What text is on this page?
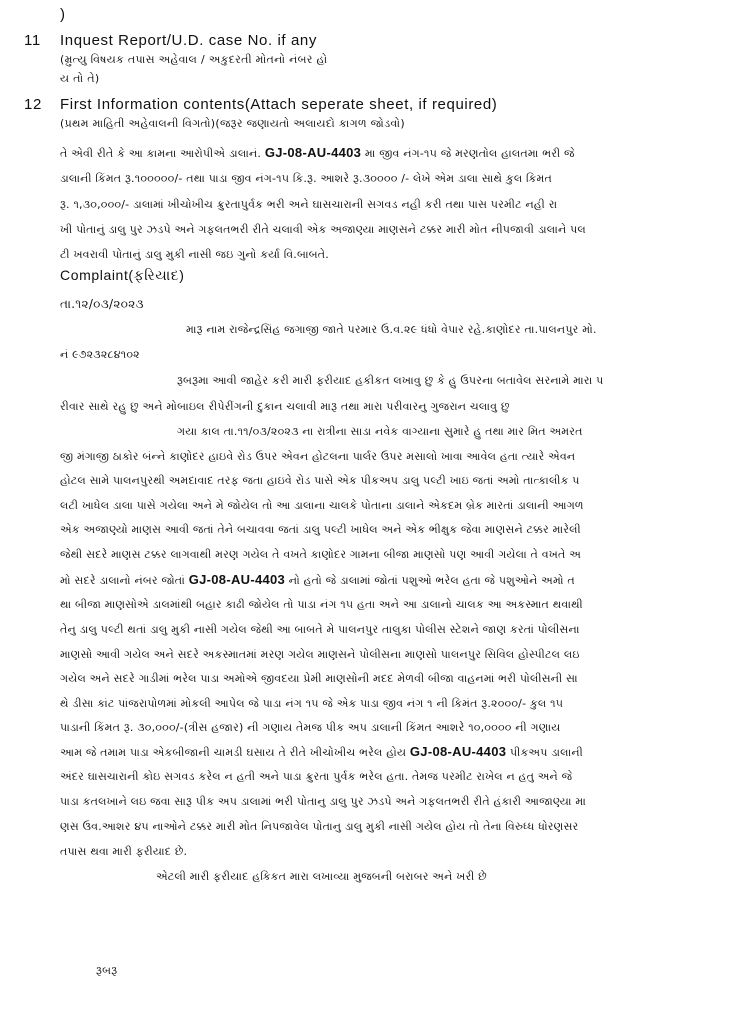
)
11 Inquest Report/U.D. case No. if any
(મ્રુત્યુ વિષયક તપાસ અહેવાલ / અકુદરતી મોતનો નંબર હો
ય તો તે)
12 First Information contents(Attach seperate sheet, if required)
(પ્રથમ માહિતી અહેવાલની વિગતો)(જરૂર જણાયતો અલાયદો કાગળ જોડવો)
તે એવી રીતે કે આ કામના આરોપીએ ડાલાનં. GJ-08-AU-4403 મા જીવ નંગ-૧૫ જે મરણતોલ હાલતમા ભરી જે
ડાલાની કિંમત રૂ.૧૦૦૦૦૦/- તથા પાડા જીવ નંગ-૧૫ કિ.રૂ. આશરે રૂ.૩૦૦૦૦ /- લેખે એમ ડાલા સાથે કુલ કિમત
રૂ. ૧,૩૦,૦૦૦/- ડાલામાં ખીચોખીચ ક્રુરતાપુર્વક ભરી અને ઘાસચારાની સગવડ નહી કરી તથા પાસ પરમીટ નહી રા
ખી પોતાનું ડાલુ પુર ઝડપે અને ગફલતભરી રીતે ચલાવી એક અજાણ્યા માણસને ટક્કર મારી મોત નીપજાવી ડાલાને પલ
ટી ખવરાવી પોતાનું ડાલુ મુકી નાસી જઇ ગુનો કર્યા વિ.બાબતે.
Complaint(ફરિયાદ)
તા.૧૨/૦૩/૨૦૨૩
મારૂ નામ રાજેન્દ્રસિંહ જગાજી જાતે પરમાર ઉ.વ.૨૯ ધંધો વેપાર રહે.કાણોદર તા.પાલનપુર મો.
નં ૯૭૨૩૨૮૪૧૦૨
રૂબરૂમા આવી જાહેર કરી મારી ફરીયાદ હકીકત લખાવુ છુ કે હુ ઉપરના બતાવેલ સરનામે મારા પ
રીવાર સાથે રહુ છુ અને મોબાઇલ રીપેરીંગની દુકાન ચલાવી મારૂ તથા મારા પરીવારનુ ગુજરાન ચલાવુ છુ
ગયા કાલ તા.૧૧/૦૩/૨૦૨૩ ના રાત્રીના સાડા નવેક વાગ્યાના સુમારે હુ તથા માર મિત અમરત
જી મંગાજી ઠાકોર બંન્ને કાણોદર હાઇવે રોડ ઉપર એવન હોટલના પાર્લર ઉપર મસાલો ખાવા આવેલ હતા ત્યારે એવન
હોટલ સામે પાલનપુરથી અમદાવાદ તરફ જતા હાઇવે રોડ પાસે એક પીકઅપ ડાલુ પલ્ટી ખાઇ જતાં અમો તાત્કાલીક પ
લટી ખાધેલ ડાલા પાસે ગયેલા અને મે જોયેલ તો આ ડાલાના ચાલકે પોતાના ડાલાને એકદમ બ્રેક મારતાં ડાલાની આગળ
એક અજાણ્યો માણસ આવી જતાં તેને બચાવવા જતાં ડાલુ પલ્ટી ખાધેલ અને એક ભીક્ષુક જેવા માણસને ટક્કર મારેલી
જેથી સદરે માણસ ટક્કર લાગવાથી મરણ ગયેલ તે વખતે કાણોદર ગામના બીજા માણસો પણ આવી ગયેલા તે વખતે અ
મો સદરે ડાલાનો નંબર જોતાં GJ-08-AU-4403 નો હતો જે ડાલામાં જોતાં પશુઓ ભરેલ હતા જે પશુઓને અમો ત
થા બીજા માણસોએ ડાલમાંથી બહાર કાઢી જોયેલ તો પાડા નંગ ૧૫ હતા અને આ ડાલાનો ચાલક આ અકસ્માત થવાથી
તેનુ ડાલુ પલ્ટી થતાં ડાલુ મુકી નાસી ગયેલ જેથી આ બાબતે મે પાલનપુર તાલુકા પોલીસ સ્ટેશને જાણ કરતાં પોલીસના
માણસો આવી ગયેલ અને સદરે અકસ્માતમાં મરણ ગયેલ માણસને પોલીસના માણસો પાલનપુર સિવિલ હોસ્પીટલ લઇ
ગયેલ અને સદરે ગાડીમાં ભરેલ પાડા અમોએ જીવદયા પ્રેમી માણસોની મદદ મેળવી બીજા વાહનમાં ભરી પોલીસની સા
થે ડીસા કાંટ પાંજરાપોળમાં મોકલી આપેલ જે પાડા નંગ ૧૫ જે એક પાડા જીવ નંગ ૧ ની કિમંત રૂ.૨૦૦૦/- કુલ ૧૫
પાડાની કિંમત રૂ. ૩૦,૦૦૦/-(ત્રીસ હજાર) ની ગણાય તેમજ પીક અપ ડાલાની કિંમત આશરે ૧૦,૦૦૦૦ ની ગણાય
આમ જે તમામ પાડા એકબીજાની ચામડી ઘસાય તે રીતે ખીચોખીચ ભરેલ હોય GJ-08-AU-4403 પીકઅપ ડાલાની
અંદર ઘાસચારાની કોઇ સગવડ કરેલ ન હતી અને પાડા ક્રુરતા પુર્વક ભરેલ હતા. તેમજ પરમીટ રાખેલ ન હતુ અને જે
પાડા કતલખાને લઇ જવા સારૂ પીક અપ ડાલામાં ભરી પોતાનુ ડાલુ પુર ઝડપે અને ગફલતભરી રીતે હંકારી આજાણ્યા મા
ણસ ઉવ.આશર ૪૫ નાઓને ટક્કર મારી મોત નિપજાવેલ પોતાનુ ડાલુ મુકી નાસી ગયેલ હોય તો તેના વિરુધ્ધ ધોરણસર
તપાસ થવા મારી ફરીયાદ છે.
એટલી મારી ફરીયાદ હકિકત મારા લખાવ્યા મુજબની બરાબર અને ખરી છે
રૂબરૂ
